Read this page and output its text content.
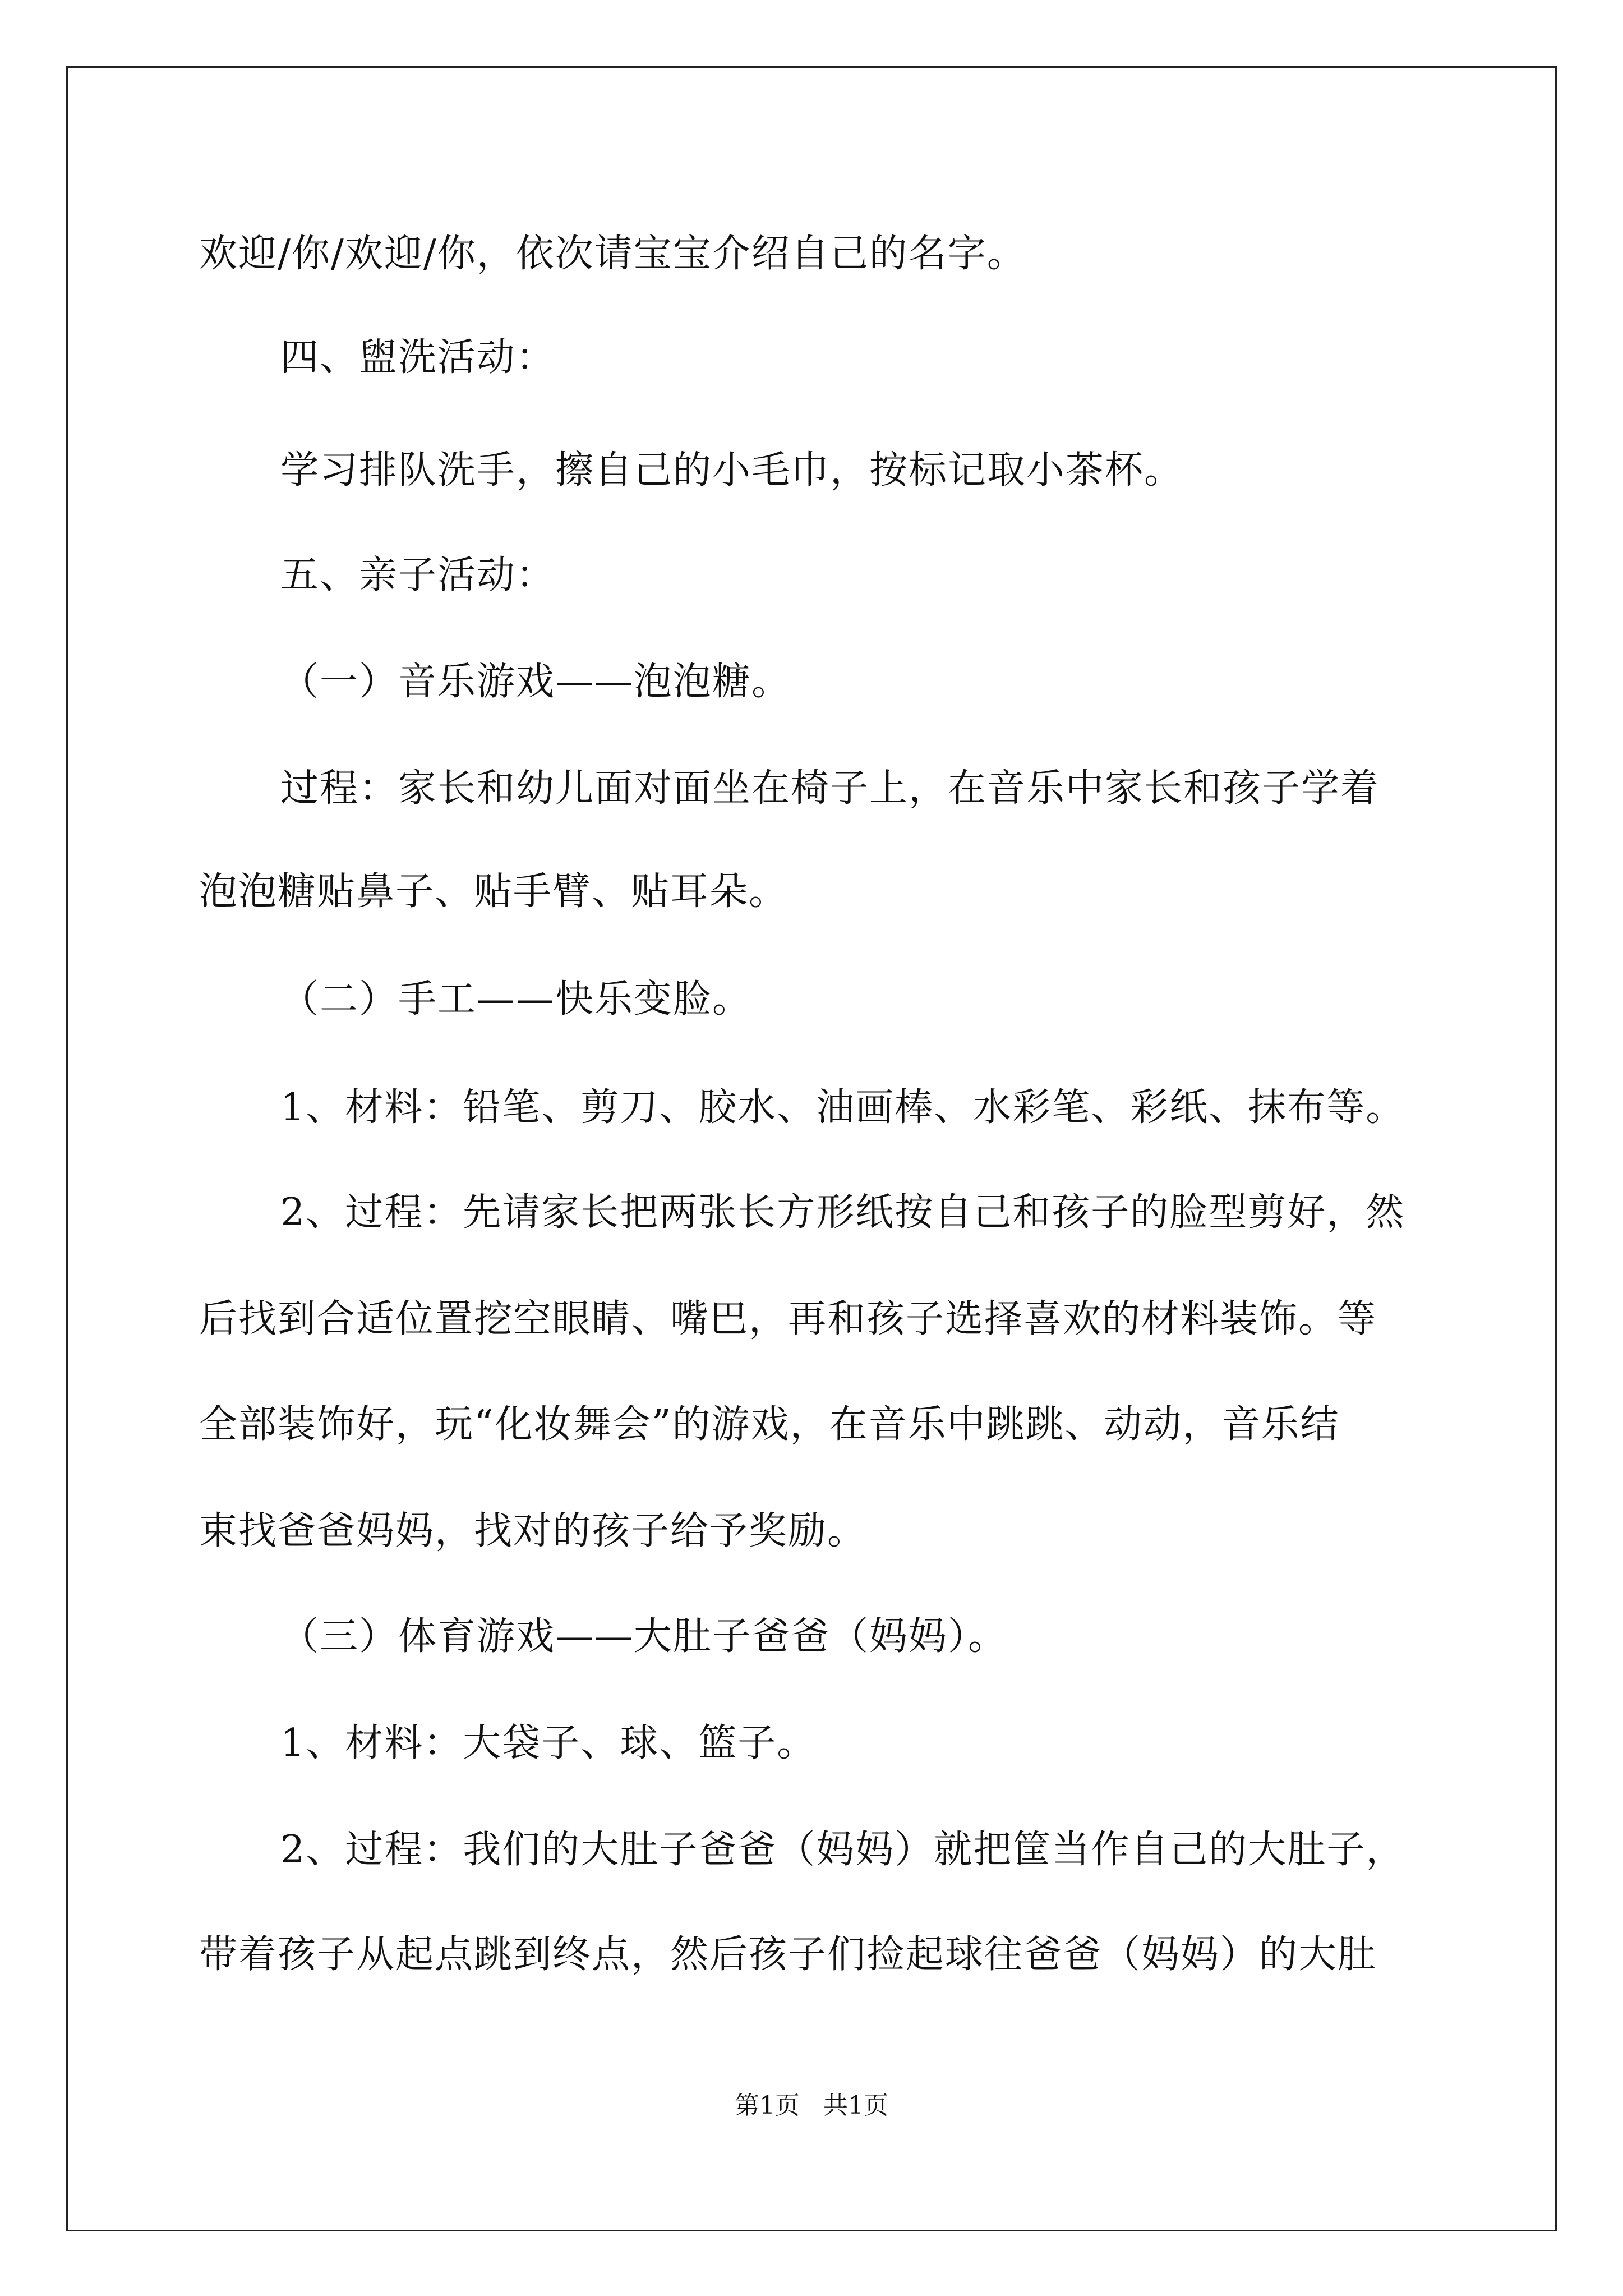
欢迎/你/欢迎/你，依次请宝宝介绍自己的名字。
四、盥洗活动：
学习排队洗手，擦自己的小毛巾，按标记取小茶杯。
五、亲子活动：
（一）音乐游戏——泡泡糖。
过程：家长和幼儿面对面坐在椅子上，在音乐中家长和孩子学着
泡泡糖贴鼻子、贴手臂、贴耳朵。
（二）手工——快乐变脸。
1、材料：铅笔、剪刀、胶水、油画棒、水彩笔、彩纸、抹布等。
2、过程：先请家长把两张长方形纸按自己和孩子的脸型剪好，然
后找到合适位置挖空眼睛、嘴巴，再和孩子选择喜欢的材料装饰。等
全部装饰好，玩“化妆舞会”的游戏，在音乐中跳跳、动动，音乐结
束找爸爸妈妈，找对的孩子给予奖励。
（三）体育游戏——大肚子爸爸（妈妈）。
1、材料：大袋子、球、篮子。
2、过程：我们的大肚子爸爸（妈妈）就把筐当作自己的大肚子，
带着孩子从起点跳到终点，然后孩子们捡起球往爸爸（妈妈）的大肚
第1页   共1页
